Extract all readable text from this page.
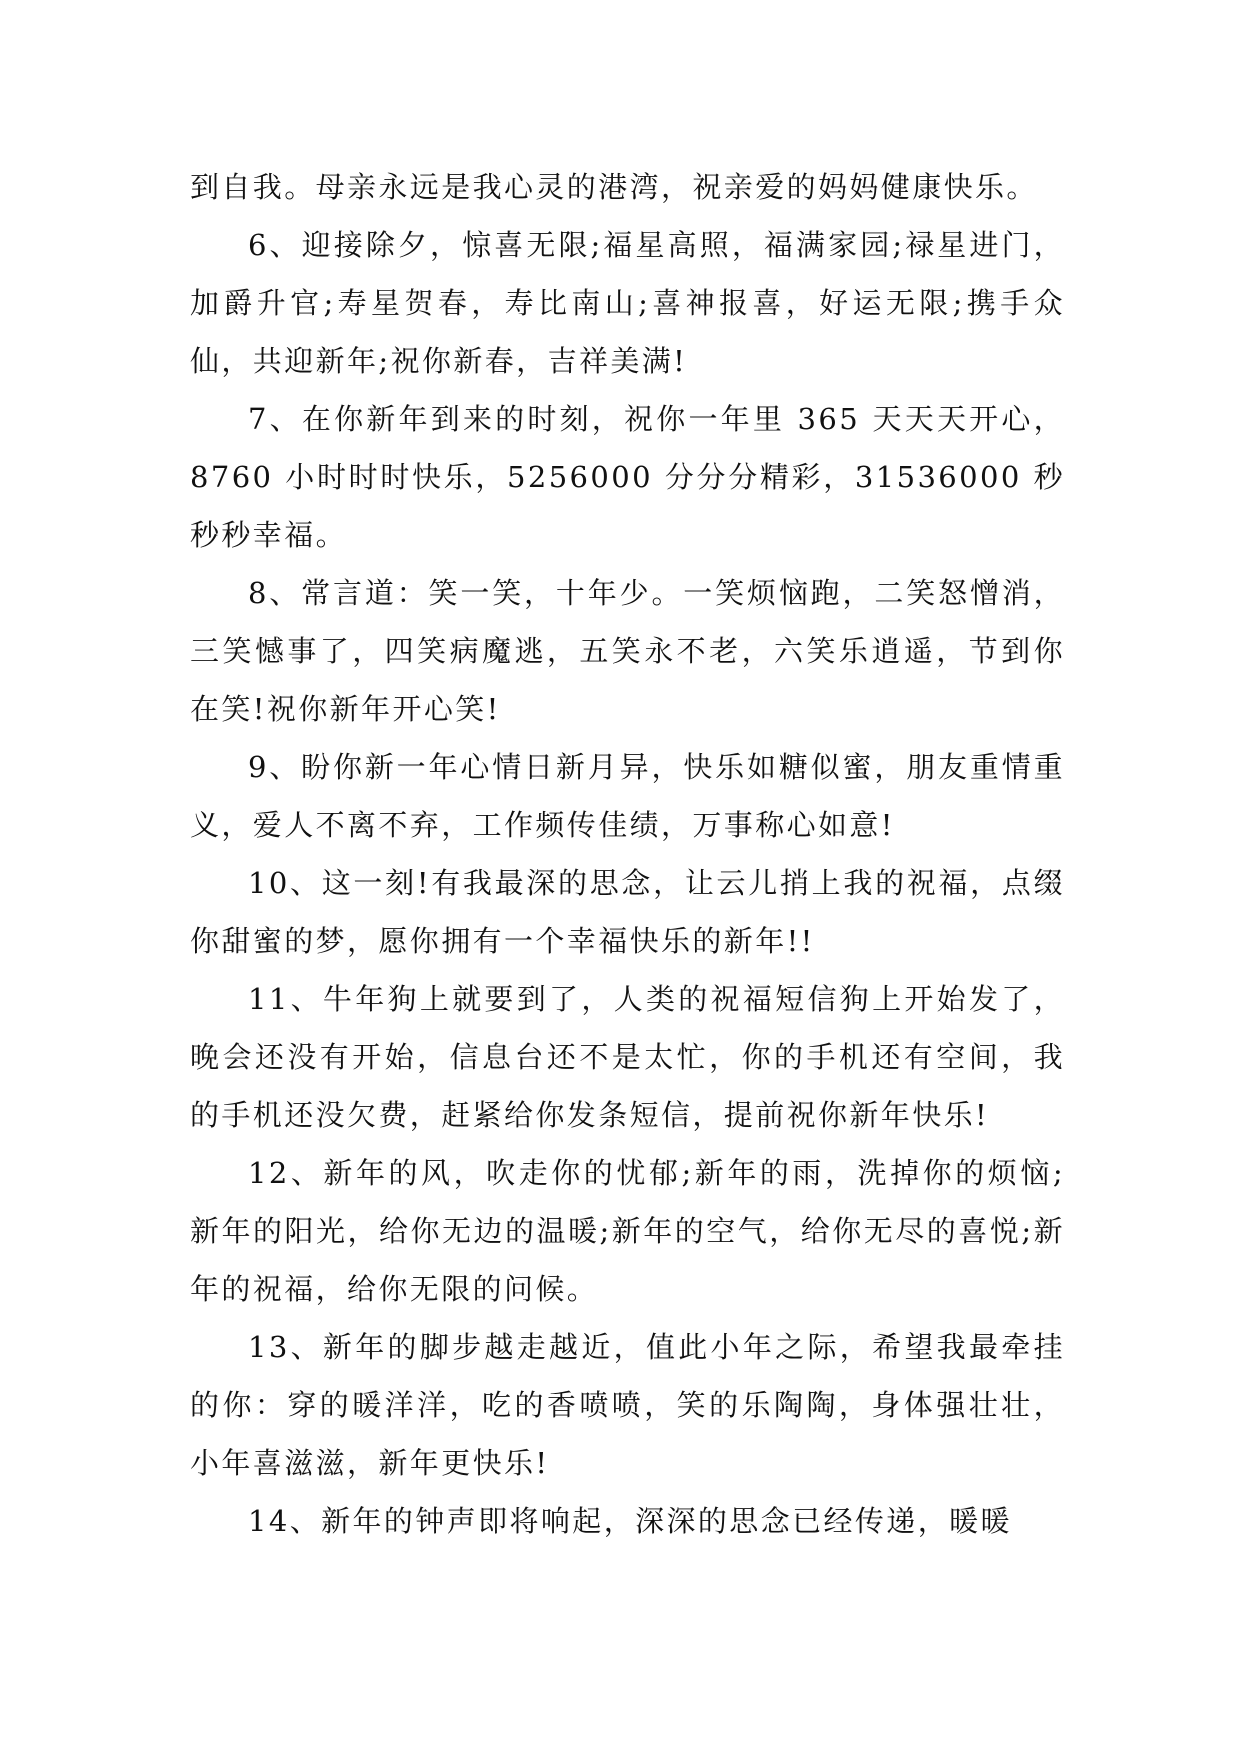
到自我。母亲永远是我心灵的港湾，祝亲爱的妈妈健康快乐。

6、迎接除夕，惊喜无限;福星高照，福满家园;禄星进门，加爵升官;寿星贺春，寿比南山;喜神报喜，好运无限;携手众仙，共迎新年;祝你新春，吉祥美满!

7、在你新年到来的时刻，祝你一年里 365 天天天开心，8760 小时时时快乐，5256000 分分分精彩，31536000 秒秒秒幸福。

8、常言道：笑一笑，十年少。一笑烦恼跑，二笑怒憎消，三笑憾事了，四笑病魔逃，五笑永不老，六笑乐逍遥，节到你在笑!祝你新年开心笑!

9、盼你新一年心情日新月异，快乐如糖似蜜，朋友重情重义，爱人不离不弃，工作频传佳绩，万事称心如意!

10、这一刻!有我最深的思念，让云儿捎上我的祝福，点缀你甜蜜的梦，愿你拥有一个幸福快乐的新年!!

11、牛年狗上就要到了，人类的祝福短信狗上开始发了，晚会还没有开始，信息台还不是太忙，你的手机还有空间，我的手机还没欠费，赶紧给你发条短信，提前祝你新年快乐!

12、新年的风，吹走你的忧郁;新年的雨，洗掉你的烦恼;新年的阳光，给你无边的温暖;新年的空气，给你无尽的喜悦;新年的祝福，给你无限的问候。

13、新年的脚步越走越近，值此小年之际，希望我最牵挂的你：穿的暖洋洋，吃的香喷喷，笑的乐陶陶，身体强壮壮，小年喜滋滋，新年更快乐!

14、新年的钟声即将响起，深深的思念已经传递，暖暖
